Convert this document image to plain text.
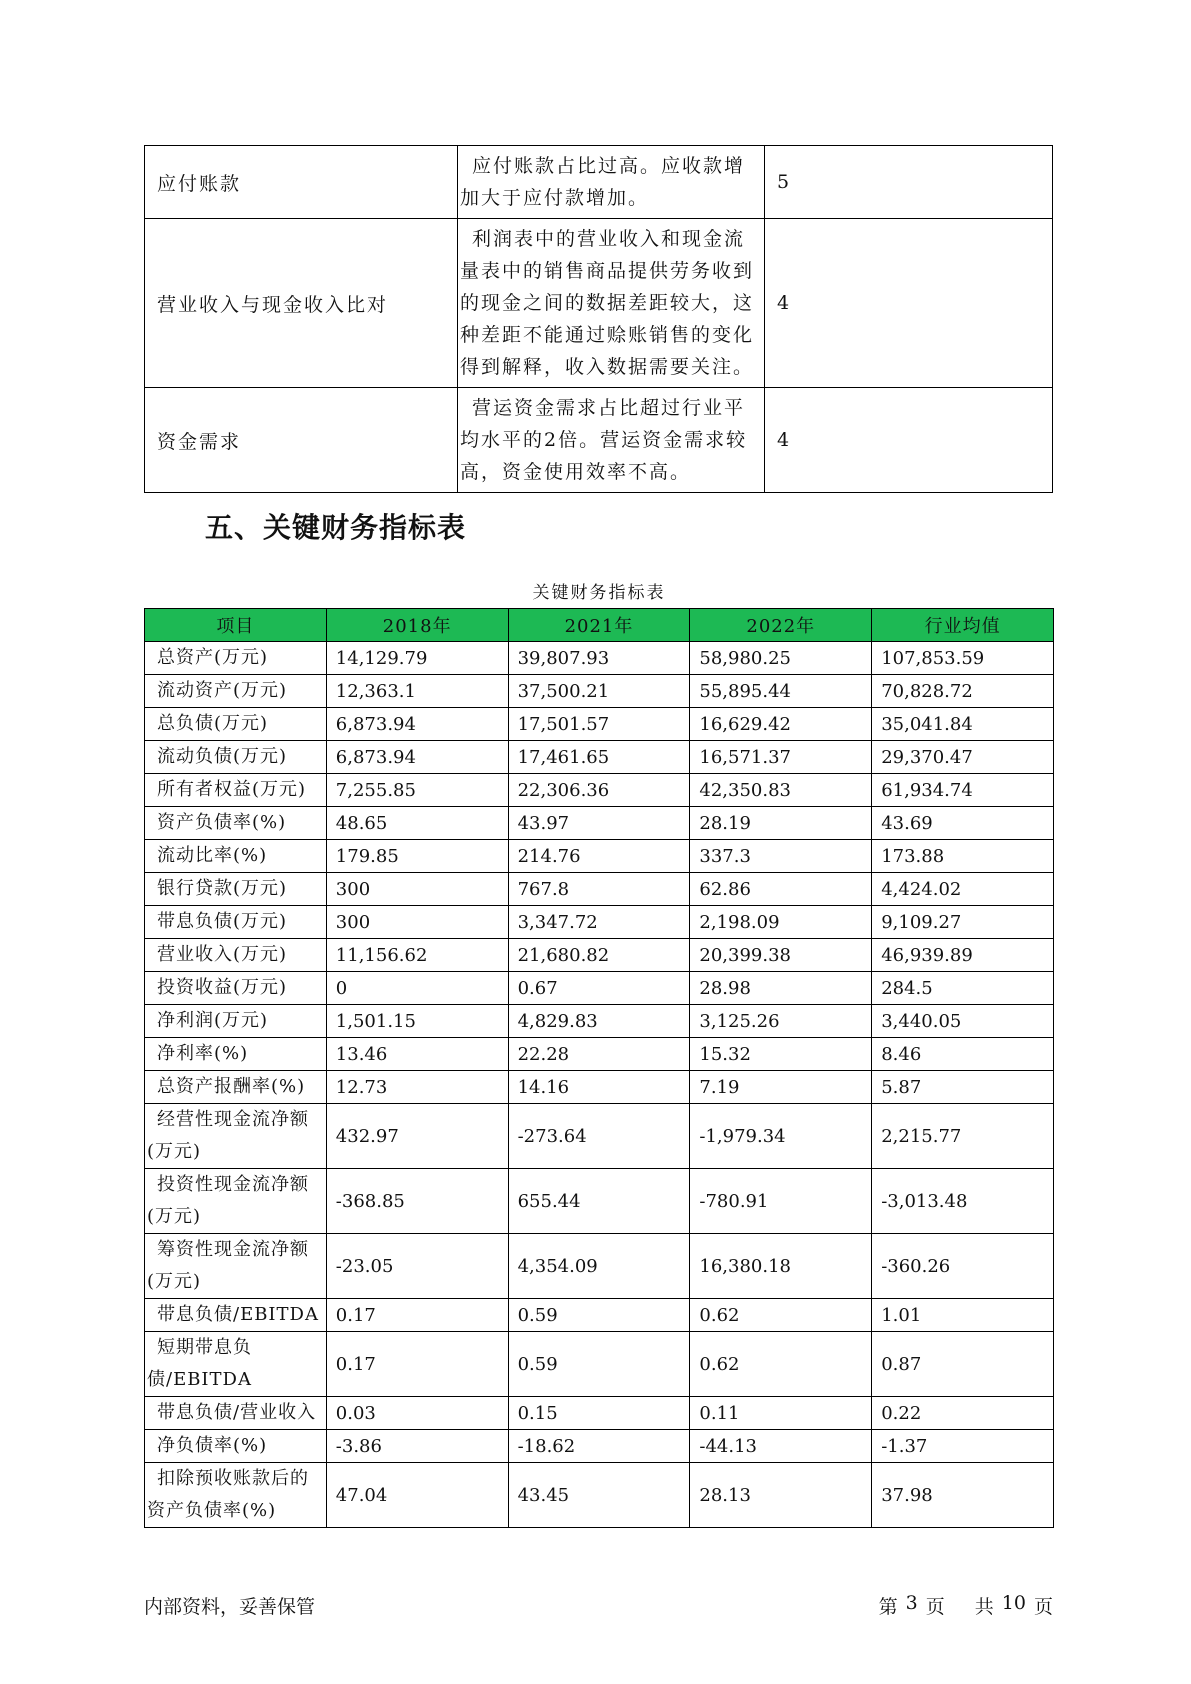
应付账款	应付账款占比过高。应收款增加大于应付款增加。	5
营业收入与现金收入比对	利润表中的营业收入和现金流量表中的销售商品提供劳务收到的现金之间的数据差距较大，这种差距不能通过赊账销售的变化得到解释，收入数据需要关注。	4
资金需求	营运资金需求占比超过行业平均水平的2倍。营运资金需求较高，资金使用效率不高。	4
五、关键财务指标表
关键财务指标表
项目	2018年	2021年	2022年	行业均值

总资产(万元)	14,129.79	39,807.93	58,980.25	107,853.59

流动资产(万元)	12,363.1	37,500.21	55,895.44	70,828.72

总负债(万元)	6,873.94	17,501.57	16,629.42	35,041.84

流动负债(万元)	6,873.94	17,461.65	16,571.37	29,370.47

所有者权益(万元)	7,255.85	22,306.36	42,350.83	61,934.74

资产负债率(%)	48.65	43.97	28.19	43.69

流动比率(%)	179.85	214.76	337.3	173.88

银行贷款(万元)	300	767.8	62.86	4,424.02

带息负债(万元)	300	3,347.72	2,198.09	9,109.27

营业收入(万元)	11,156.62	21,680.82	20,399.38	46,939.89

投资收益(万元)	0	0.67	28.98	284.5

净利润(万元)	1,501.15	4,829.83	3,125.26	3,440.05

净利率(%)	13.46	22.28	15.32	8.46

总资产报酬率(%)	12.73	14.16	7.19	5.87

经营性现金流净额(万元)	432.97	-273.64	-1,979.34	2,215.77

投资性现金流净额(万元)	-368.85	655.44	-780.91	-3,013.48

筹资性现金流净额(万元)	-23.05	4,354.09	16,380.18	-360.26

带息负债/EBITDA	0.17	0.59	0.62	1.01

短期带息负债/EBITDA	0.17	0.59	0.62	0.87

带息负债/营业收入	0.03	0.15	0.11	0.22

净负债率(%)	-3.86	-18.62	-44.13	-1.37

扣除预收账款后的资产负债率(%)	47.04	43.45	28.13	37.98
内部资料，妥善保管	第 3 页 共 10 页
